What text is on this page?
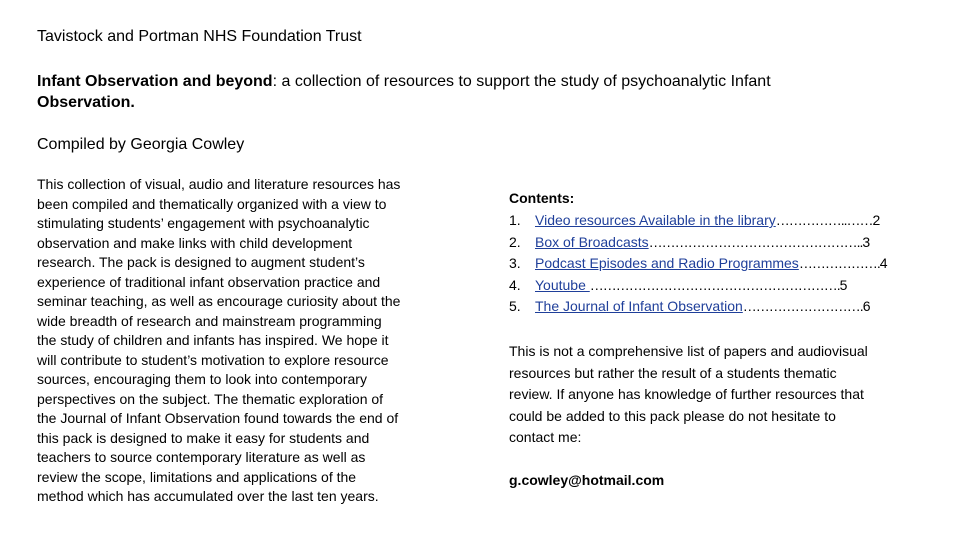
Tavistock and Portman NHS Foundation Trust
Infant Observation and beyond: a collection of resources to support the study of psychoanalytic Infant
Observation.
Compiled by Georgia Cowley
This collection of visual, audio and literature resources has
been compiled and thematically organized with a view to
stimulating students’ engagement with psychoanalytic
observation and make links with child development
research. The pack is designed to augment student’s
experience of traditional infant observation practice and
seminar teaching, as well as encourage curiosity about the
wide breadth of research and mainstream programming
the study of children and infants has inspired. We hope it
will contribute to student’s motivation to explore resource
sources, encouraging them to look into contemporary
perspectives on the subject. The thematic exploration of
the Journal of Infant Observation found towards the end of
this pack is designed to make it easy for students and
teachers to source contemporary literature as well as
review the scope, limitations and applications of the
method which has accumulated over the last ten years.
Contents:
1. Video resources Available in the library……………..……2
2. Box of Broadcasts…………………………………………..3
3. Podcast Episodes and Radio Programmes……………….4
4. Youtube ………………………………………………….5
5. The Journal of Infant Observation……………………….6
This is not a comprehensive list of papers and audiovisual
resources but rather the result of a students thematic
review. If anyone has knowledge of further resources that
could be added to this pack please do not hesitate to
contact me:
g.cowley@hotmail.com
